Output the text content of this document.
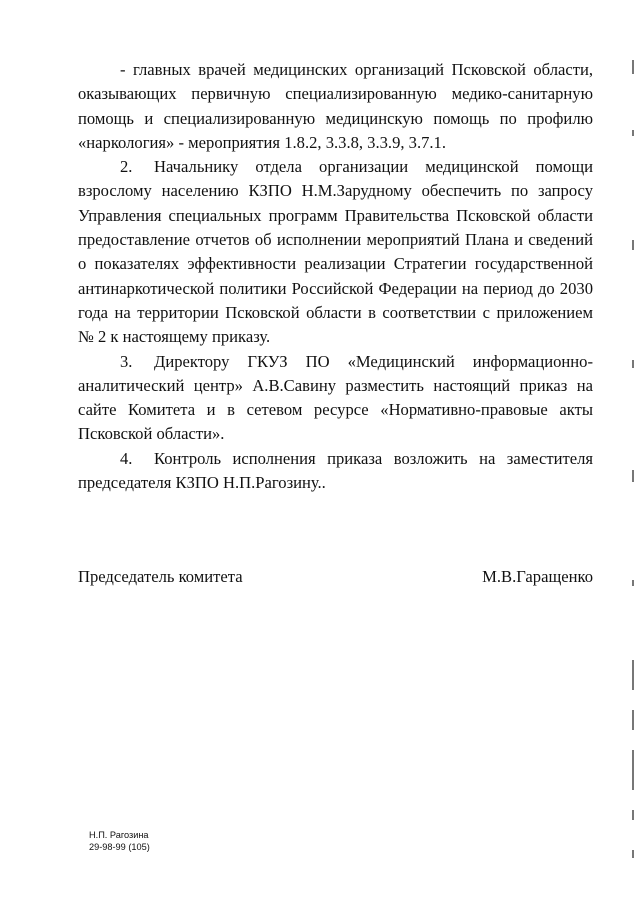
- главных врачей медицинских организаций Псковской области, оказывающих первичную специализированную медико-санитарную помощь и специализированную медицинскую помощь по профилю «наркология» - мероприятия 1.8.2, 3.3.8, 3.3.9, 3.7.1.

2. Начальнику отдела организации медицинской помощи взрослому населению КЗПО Н.М.Зарудному обеспечить по запросу Управления специальных программ Правительства Псковской области предоставление отчетов об исполнении мероприятий Плана и сведений о показателях эффективности реализации Стратегии государственной антинаркотической политики Российской Федерации на период до 2030 года на территории Псковской области в соответствии с приложением № 2 к настоящему приказу.

3. Директору ГКУЗ ПО «Медицинский информационно-аналитический центр» А.В.Савину разместить настоящий приказ на сайте Комитета и в сетевом ресурсе «Нормативно-правовые акты Псковской области».

4. Контроль исполнения приказа возложить на заместителя председателя КЗПО Н.П.Рагозину..

Председатель комитета	М.В.Гаращенко
Н.П. Рагозина
29-98-99 (105)
